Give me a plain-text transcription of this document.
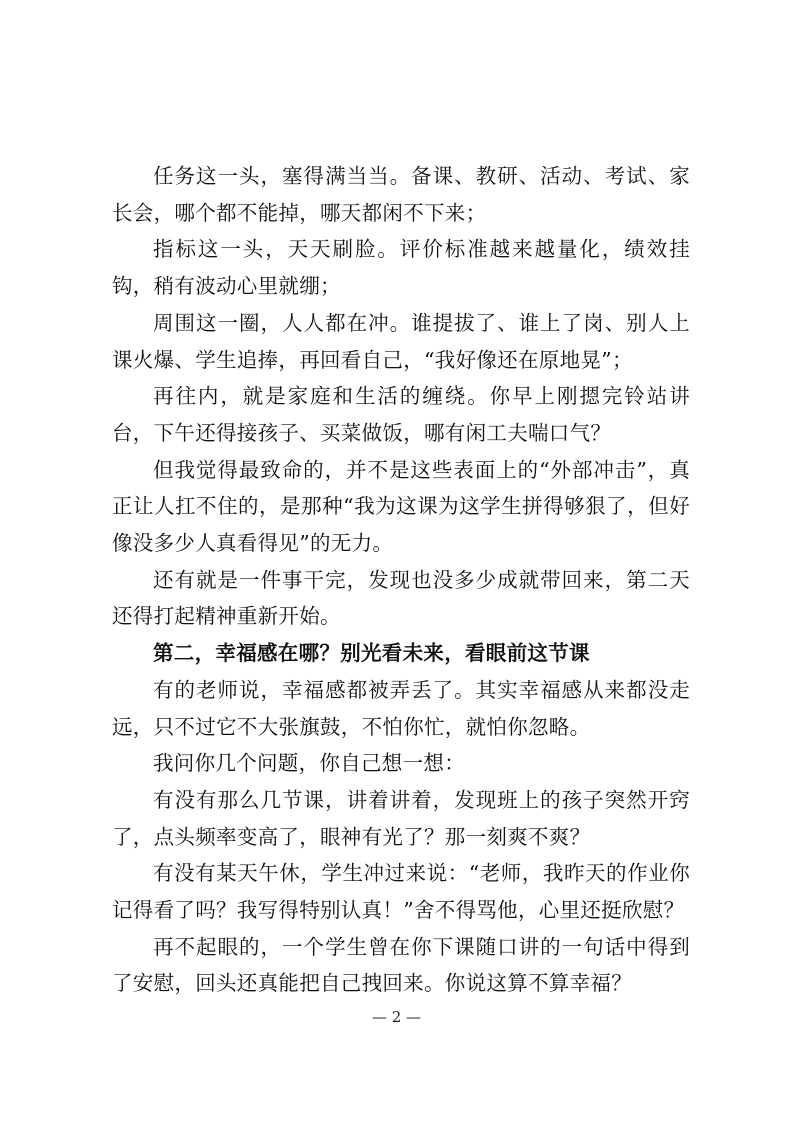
任务这一头，塞得满当当。备课、教研、活动、考试、家长会，哪个都不能掉，哪天都闲不下来；

指标这一头，天天刷脸。评价标准越来越量化，绩效挂钩，稍有波动心里就绷；

周围这一圈，人人都在冲。谁提拔了、谁上了岗、别人上课火爆、学生追捧，再回看自己，“我好像还在原地晃”；

再往内，就是家庭和生活的缠绕。你早上刚摁完铃站讲台，下午还得接孩子、买菜做饭，哪有闲工夫喘口气？

但我觉得最致命的，并不是这些表面上的“外部冲击”，真正让人扛不住的，是那种“我为这课为这学生拼得够狠了，但好像没多少人真看得见”的无力。

还有就是一件事干完，发现也没多少成就带回来，第二天还得打起精神重新开始。

第二，幸福感在哪？别光看未来，看眼前这节课

有的老师说，幸福感都被弄丢了。其实幸福感从来都没走远，只不过它不大张旗鼓，不怕你忙，就怕你忽略。

我问你几个问题，你自己想一想：

有没有那么几节课，讲着讲着，发现班上的孩子突然开窍了，点头频率变高了，眼神有光了？那一刻爽不爽？

有没有某天午休，学生冲过来说：“老师，我昨天的作业你记得看了吗？我写得特别认真！”舍不得骂他，心里还挺欣慰？

再不起眼的，一个学生曾在你下课随口讲的一句话中得到了安慰，回头还真能把自己拽回来。你说这算不算幸福？

— 2 —
